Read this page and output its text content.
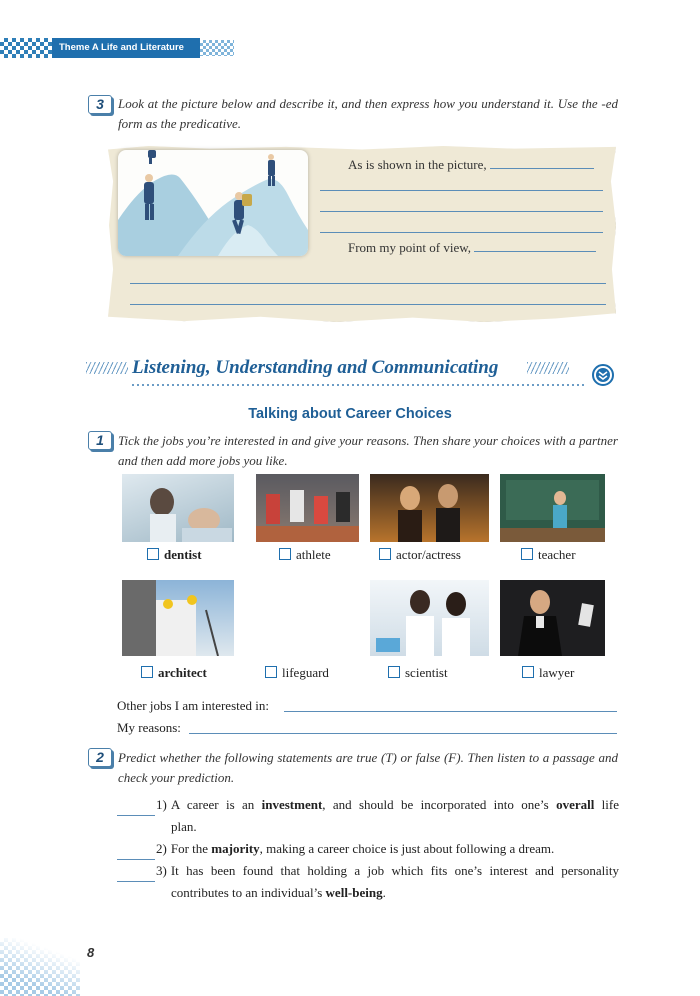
Theme A Life and Literature
3	Look at the picture below and describe it, and then express how you understand it. Use the -ed form as the predicative.
As is shown in the picture,
From my point of view,
Listening, Understanding and Communicating
Talking about Career Choices
1	Tick the jobs you’re interested in and give your reasons. Then share your choices with a partner and then add more jobs you like.
dentist	athlete	actor/actress	teacher
architect	lifeguard	scientist	lawyer
Other jobs I am interested in:
My reasons:
2	Predict whether the following statements are true (T) or false (F). Then listen to a passage and check your prediction.
1) A career is an investment, and should be incorporated into one’s overall life
plan.
2) For the majority, making a career choice is just about following a dream.
3) It has been found that holding a job which fits one’s interest and personality
contributes to an individual’s well-being.
8
